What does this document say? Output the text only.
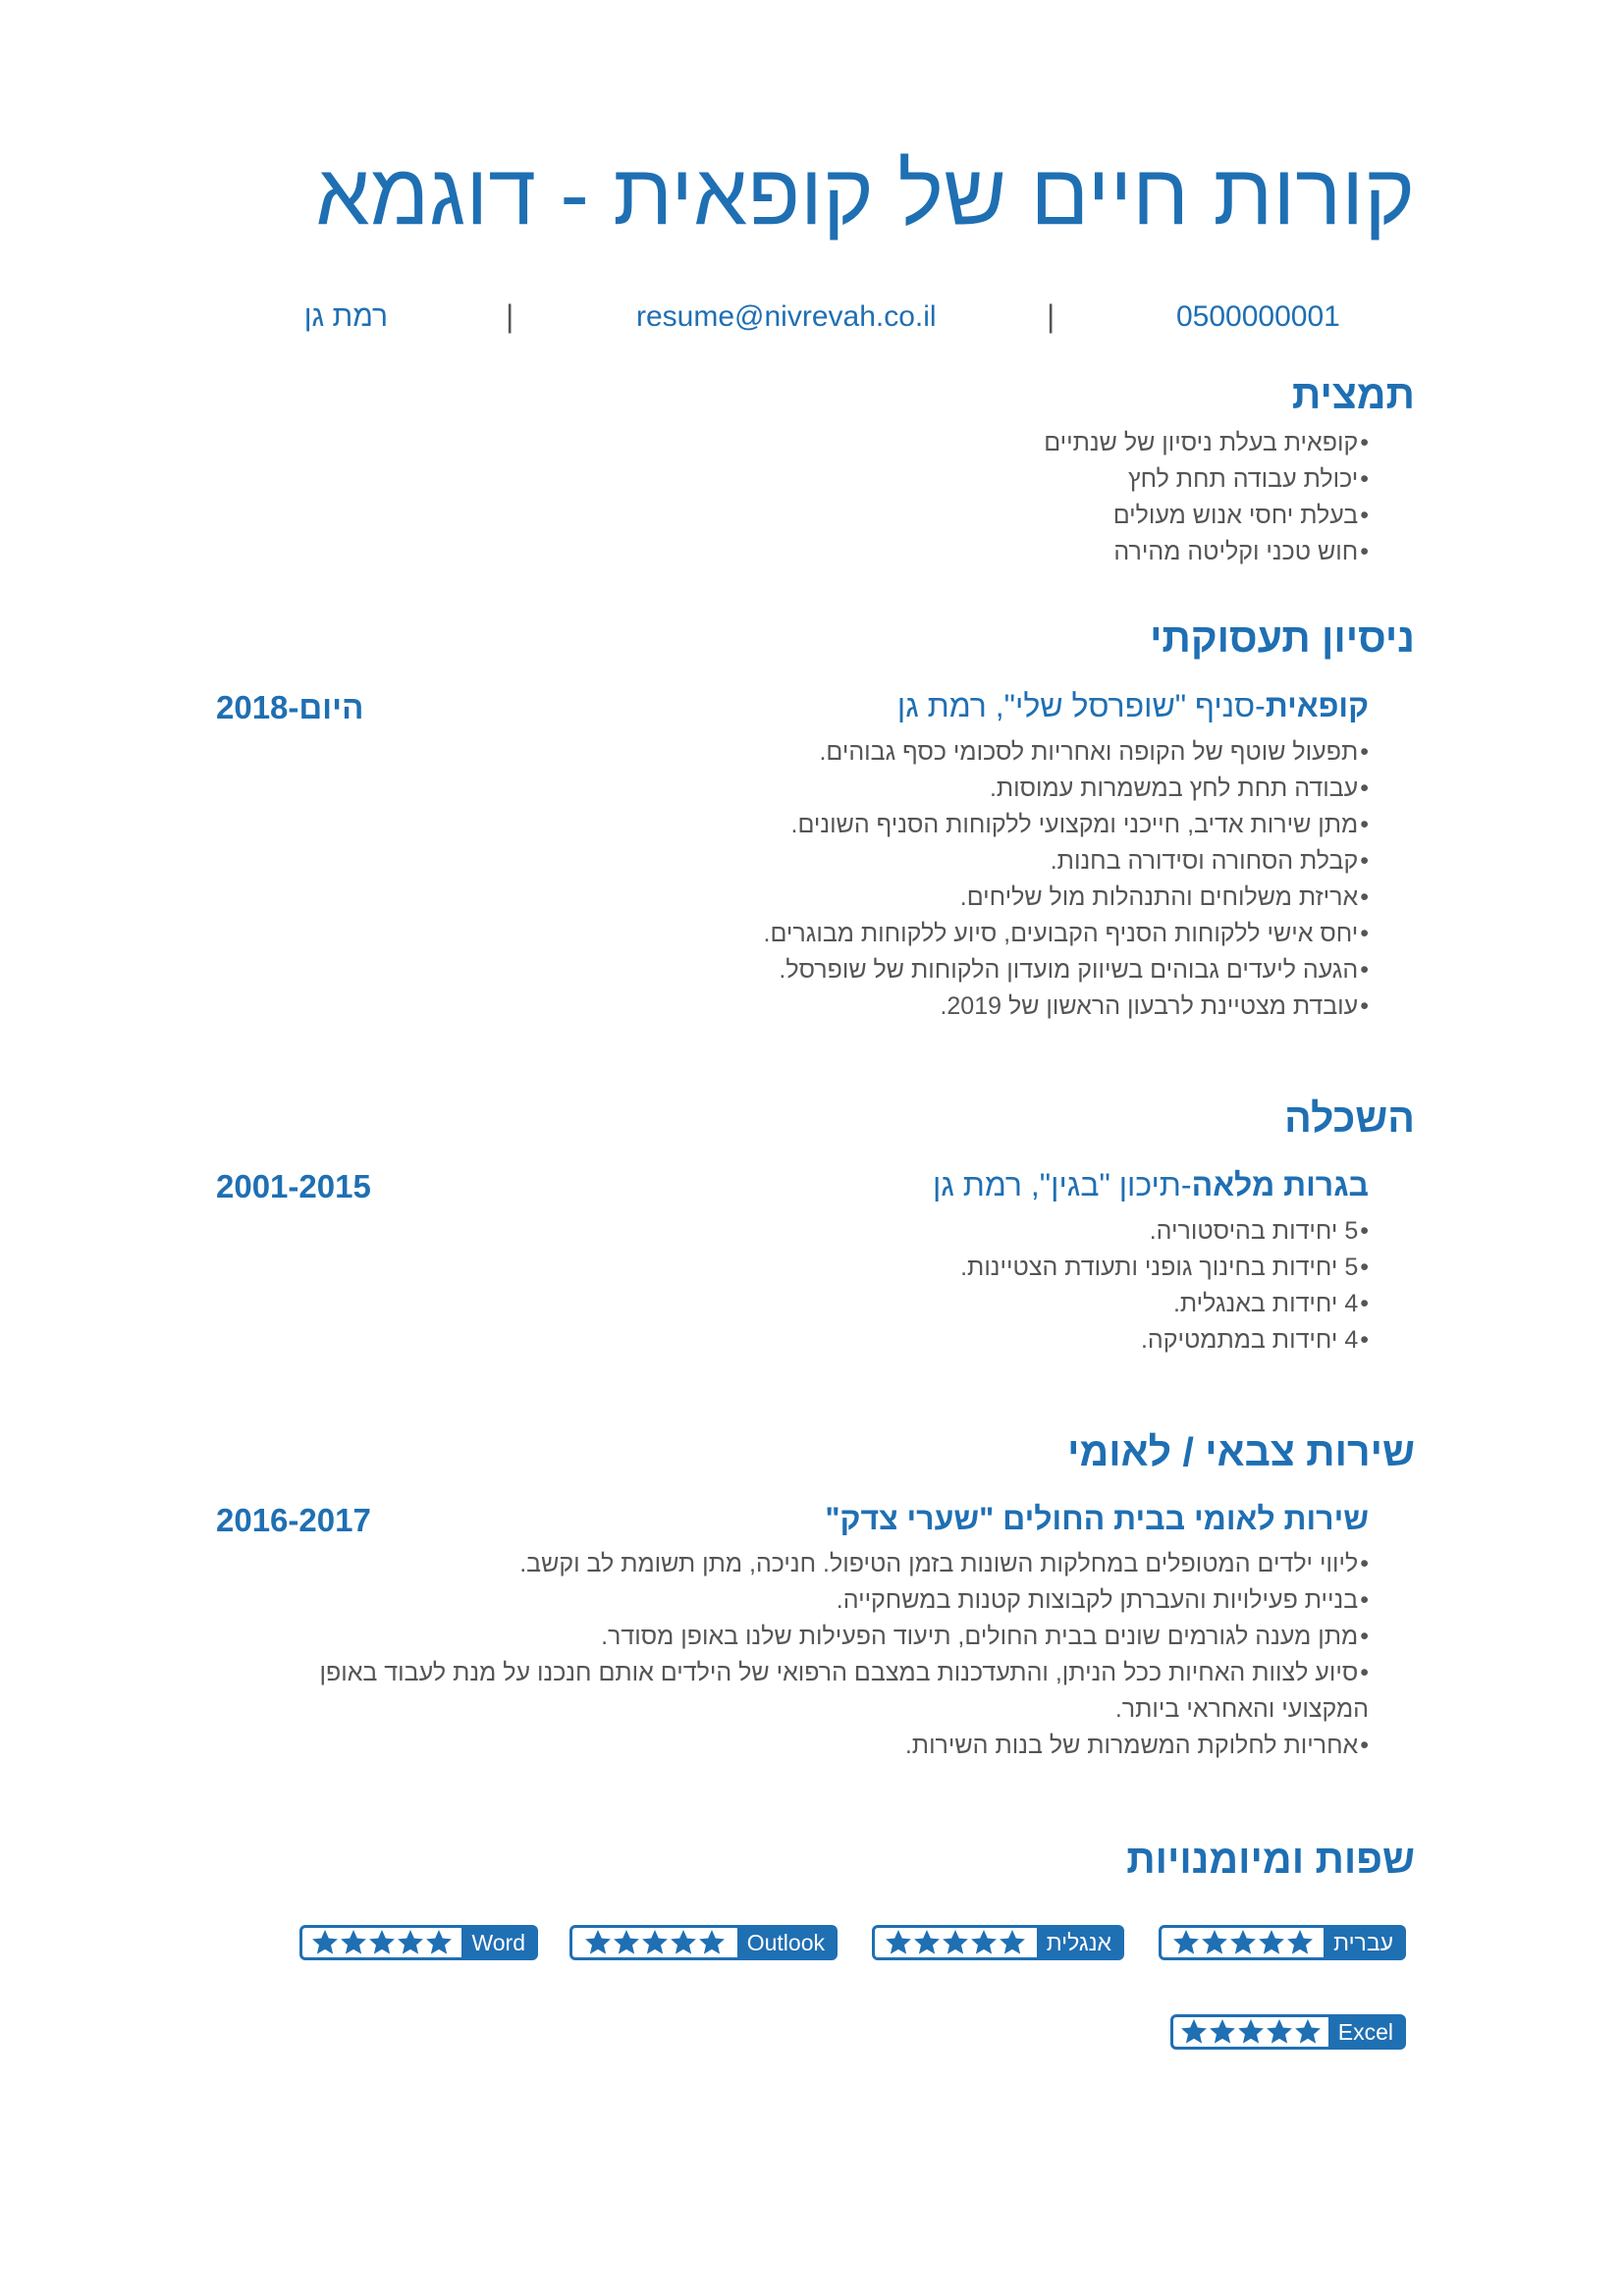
קורות חיים של קופאית - דוגמא
0500000001
|
resume@nivrevah.co.il
|
רמת גן
תמצית
• קופאית בעלת ניסיון של שנתיים
• יכולת עבודה תחת לחץ
• בעלת יחסי אנוש מעולים
• חוש טכני וקליטה מהירה
ניסיון תעסוקתי
קופאית-סניף "שופרסל שלי", רמת גן
2018-היום
• תפעול שוטף של הקופה ואחריות לסכומי כסף גבוהים.
• עבודה תחת לחץ במשמרות עמוסות.
• מתן שירות אדיב, חייכני ומקצועי ללקוחות הסניף השונים.
• קבלת הסחורה וסידורה בחנות.
• אריזת משלוחים והתנהלות מול שליחים.
• יחס אישי ללקוחות הסניף הקבועים, סיוע ללקוחות מבוגרים.
• הגעה ליעדים גבוהים בשיווק מועדון הלקוחות של שופרסל.
• עובדת מצטיינת לרבעון הראשון של 2019.
השכלה
בגרות מלאה-תיכון "בגין", רמת גן
2001-2015
• 5 יחידות בהיסטוריה.
• 5 יחידות בחינוך גופני ותעודת הצטיינות.
• 4 יחידות באנגלית.
• 4 יחידות במתמטיקה.
שירות צבאי / לאומי
שירות לאומי בבית החולים "שערי צדק"
2016-2017
• ליווי ילדים המטופלים במחלקות השונות בזמן הטיפול. חניכה, מתן תשומת לב וקשב.
• בניית פעילויות והעברתן לקבוצות קטנות במשחקייה.
• מתן מענה לגורמים שונים בבית החולים, תיעוד הפעילות שלנו באופן מסודר.
• סיוע לצוות האחיות ככל הניתן, והתעדכנות במצבם הרפואי של הילדים אותם חנכנו על מנת לעבוד באופן המקצועי והאחראי ביותר.
• אחריות לחלוקת המשמרות של בנות השירות.
שפות ומיומנויות
עברית
אנגלית
Outlook
Word
Excel
